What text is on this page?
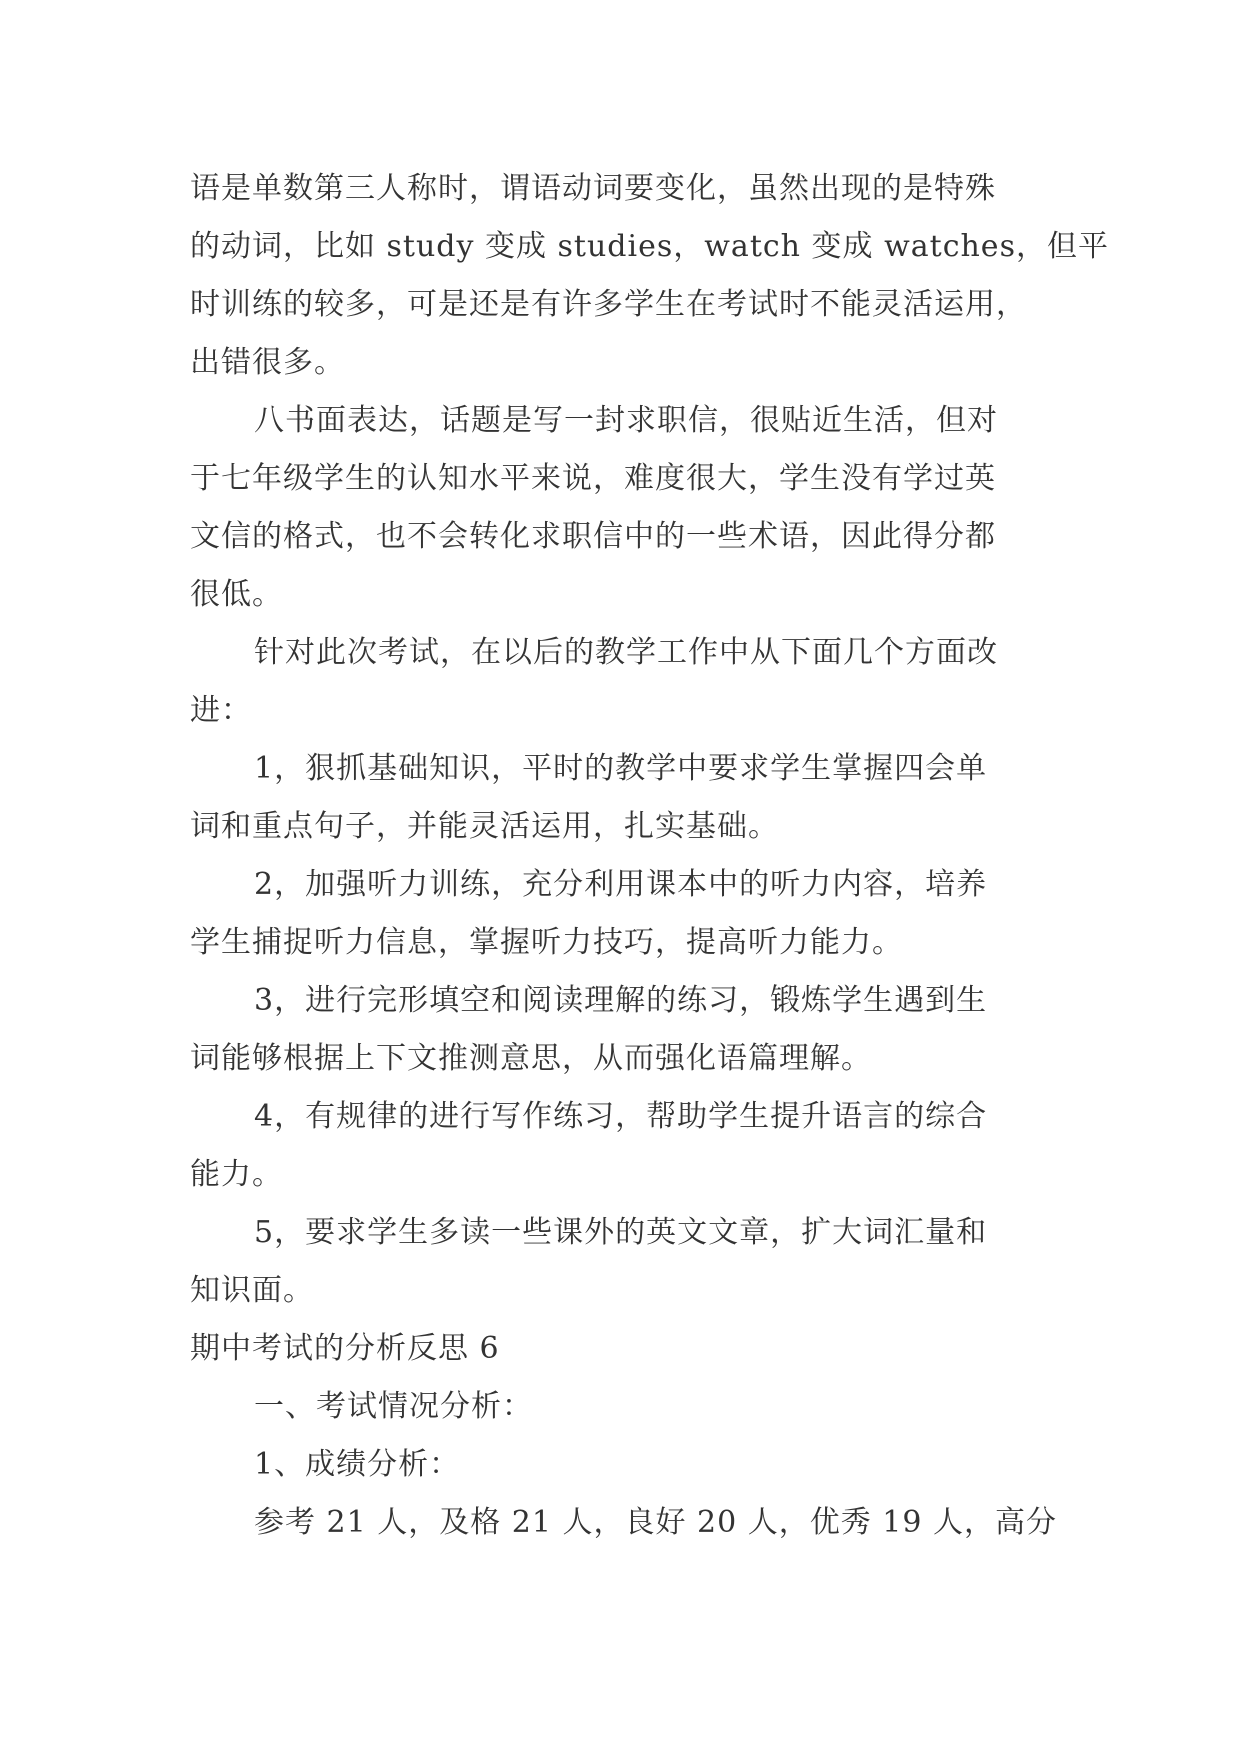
语是单数第三人称时，谓语动词要变化，虽然出现的是特殊
的动词，比如 study 变成 studies，watch 变成 watches，但平
时训练的较多，可是还是有许多学生在考试时不能灵活运用，
出错很多。

八书面表达，话题是写一封求职信，很贴近生活，但对
于七年级学生的认知水平来说，难度很大，学生没有学过英
文信的格式，也不会转化求职信中的一些术语，因此得分都
很低。

针对此次考试，在以后的教学工作中从下面几个方面改
进：

1，狠抓基础知识，平时的教学中要求学生掌握四会单
词和重点句子，并能灵活运用，扎实基础。

2，加强听力训练，充分利用课本中的听力内容，培养
学生捕捉听力信息，掌握听力技巧，提高听力能力。

3，进行完形填空和阅读理解的练习，锻炼学生遇到生
词能够根据上下文推测意思，从而强化语篇理解。

4，有规律的进行写作练习，帮助学生提升语言的综合
能力。

5，要求学生多读一些课外的英文文章，扩大词汇量和
知识面。

期中考试的分析反思 6

一、考试情况分析：

1、成绩分析：

参考 21 人，及格 21 人，良好 20 人，优秀 19 人，高分
